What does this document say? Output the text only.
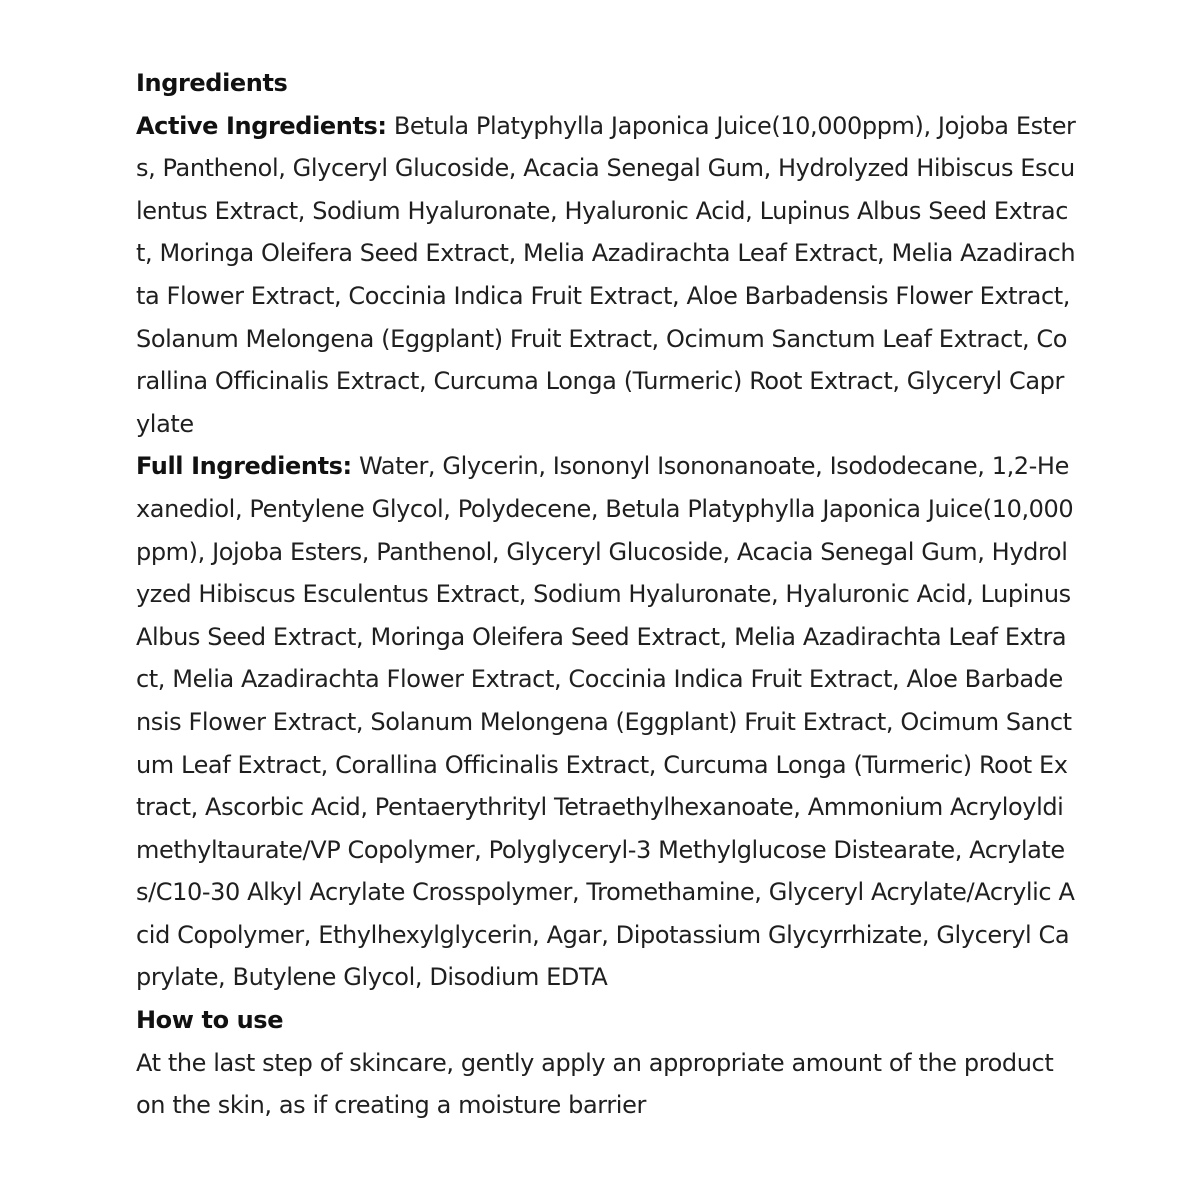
Ingredients

Active Ingredients: Betula Platyphylla Japonica Juice(10,000ppm), Jojoba Esters, Panthenol, Glyceryl Glucoside, Acacia Senegal Gum, Hydrolyzed Hibiscus Esculentus Extract, Sodium Hyaluronate, Hyaluronic Acid, Lupinus Albus Seed Extract, Moringa Oleifera Seed Extract, Melia Azadirachta Leaf Extract, Melia Azadirachta Flower Extract, Coccinia Indica Fruit Extract, Aloe Barbadensis Flower Extract, Solanum Melongena (Eggplant) Fruit Extract, Ocimum Sanctum Leaf Extract, Corallina Officinalis Extract, Curcuma Longa (Turmeric) Root Extract, Glyceryl Caprylate

Full Ingredients: Water, Glycerin, Isononyl Isononanoate, Isododecane, 1,2-Hexanediol, Pentylene Glycol, Polydecene, Betula Platyphylla Japonica Juice(10,000ppm), Jojoba Esters, Panthenol, Glyceryl Glucoside, Acacia Senegal Gum, Hydrolyzed Hibiscus Esculentus Extract, Sodium Hyaluronate, Hyaluronic Acid, Lupinus Albus Seed Extract, Moringa Oleifera Seed Extract, Melia Azadirachta Leaf Extract, Melia Azadirachta Flower Extract, Coccinia Indica Fruit Extract, Aloe Barbadensis Flower Extract, Solanum Melongena (Eggplant) Fruit Extract, Ocimum Sanctum Leaf Extract, Corallina Officinalis Extract, Curcuma Longa (Turmeric) Root Extract, Ascorbic Acid, Pentaerythrityl Tetraethylhexanoate, Ammonium Acryloyldimethyltaurate/VP Copolymer, Polyglyceryl-3 Methylglucose Distearate, Acrylates/C10-30 Alkyl Acrylate Crosspolymer, Tromethamine, Glyceryl Acrylate/Acrylic Acid Copolymer, Ethylhexylglycerin, Agar, Dipotassium Glycyrrhizate, Glyceryl Caprylate, Butylene Glycol, Disodium EDTA

How to use

At the last step of skincare, gently apply an appropriate amount of the product on the skin, as if creating a moisture barrier
